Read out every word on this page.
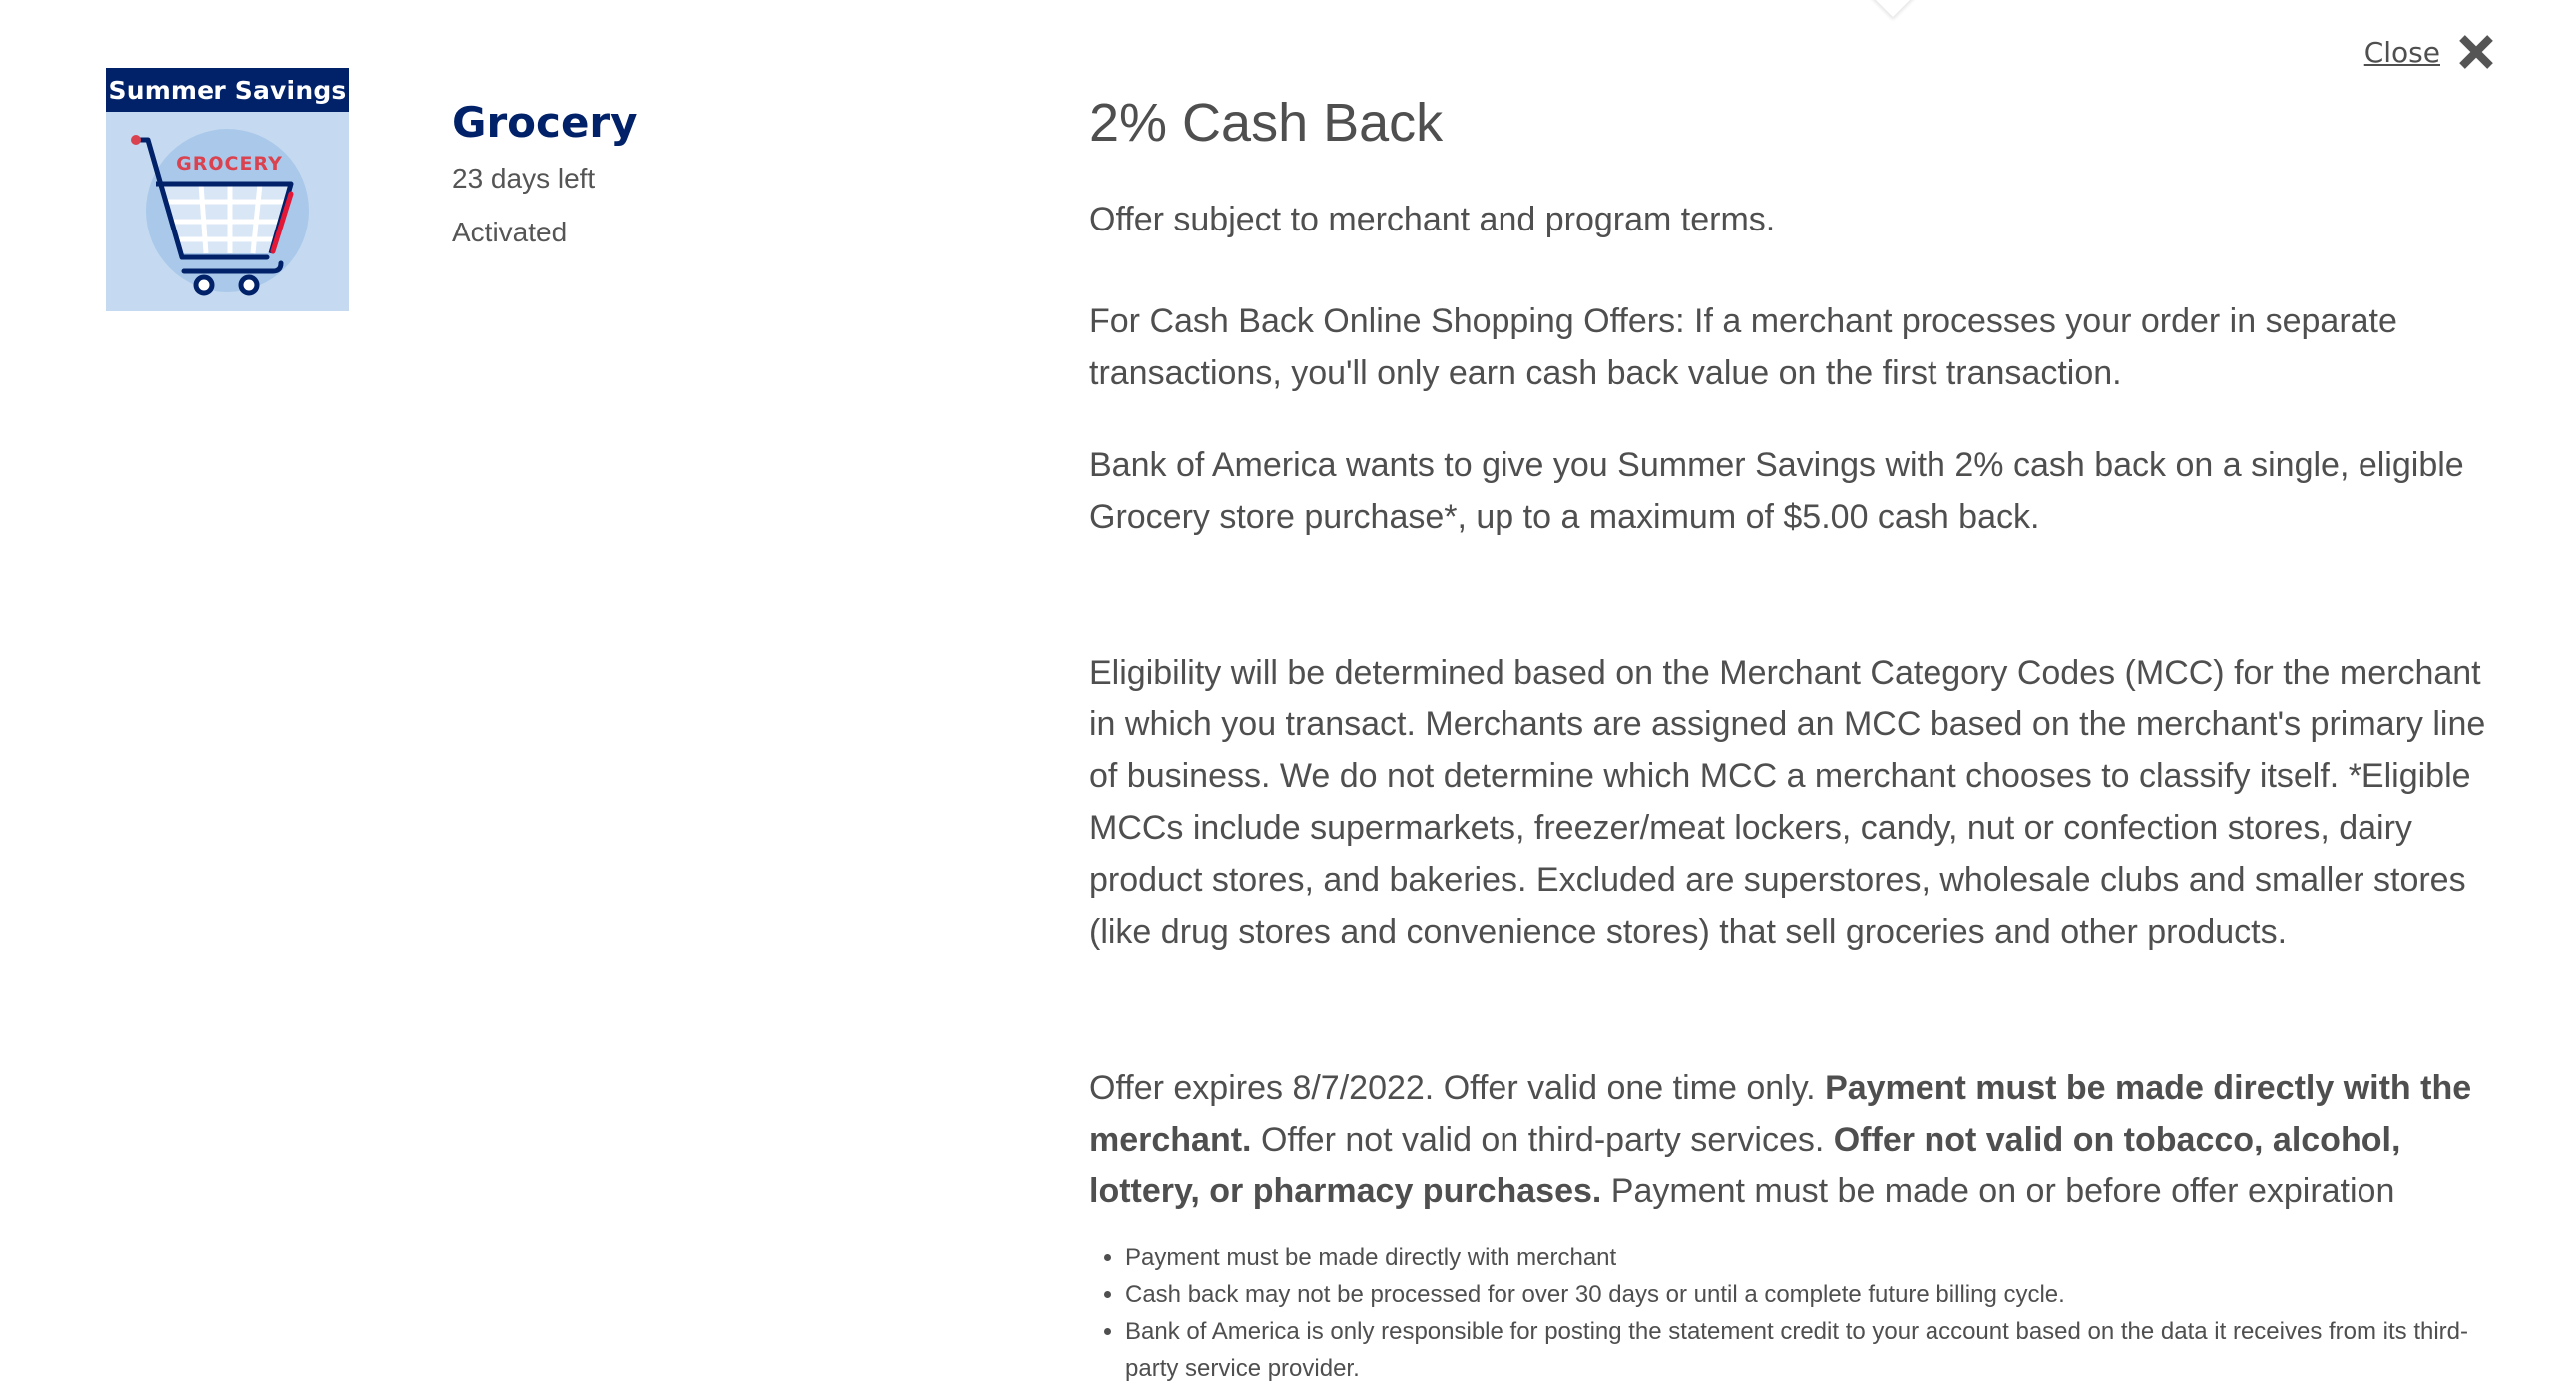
Close
Summer Savings
GROCERY
Grocery
23 days left
Activated
2% Cash Back

Offer subject to merchant and program terms.

For Cash Back Online Shopping Offers: If a merchant processes your order in separate transactions, you'll only earn cash back value on the first transaction.

Bank of America wants to give you Summer Savings with 2% cash back on a single, eligible Grocery store purchase*, up to a maximum of $5.00 cash back.

Eligibility will be determined based on the Merchant Category Codes (MCC) for the merchant in which you transact. Merchants are assigned an MCC based on the merchant's primary line of business. We do not determine which MCC a merchant chooses to classify itself. *Eligible MCCs include supermarkets, freezer/meat lockers, candy, nut or confection stores, dairy product stores, and bakeries. Excluded are superstores, wholesale clubs and smaller stores (like drug stores and convenience stores) that sell groceries and other products.

Offer expires 8/7/2022. Offer valid one time only. Payment must be made directly with the merchant. Offer not valid on third-party services. Offer not valid on tobacco, alcohol, lottery, or pharmacy purchases. Payment must be made on or before offer expiration

• Payment must be made directly with merchant
• Cash back may not be processed for over 30 days or until a complete future billing cycle.
• Bank of America is only responsible for posting the statement credit to your account based on the data it receives from its third-party service provider.
